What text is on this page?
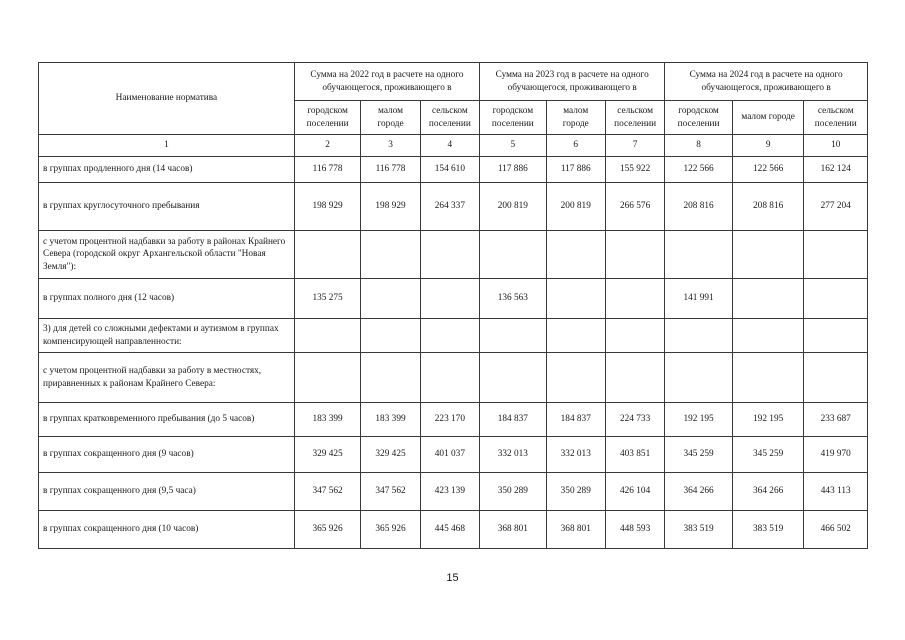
Наименование норматива	Сумма на 2022 год в расчете на одного обучающегося, проживающего в			Сумма на 2023 год в расчете на одного обучающегося, проживающего в			Сумма на 2024 год в расчете на одного обучающегося, проживающего в		
	городском поселении	малом городе	сельском поселении	городском поселении	малом городе	сельском поселении	городском поселении	малом городе	сельском поселении
1	2	3	4	5	6	7	8	9	10
в группах продленного дня (14 часов)	116 778	116 778	154 610	117 886	117 886	155 922	122 566	122 566	162 124
в группах круглосуточного пребывания	198 929	198 929	264 337	200 819	200 819	266 576	208 816	208 816	277 204
с учетом процентной надбавки за работу в районах Крайнего Севера (городской округ Архангельской области "Новая Земля"):									
в группах полного дня (12 часов)	135 275			136 563			141 991		
3) для детей со сложными дефектами и аутизмом в группах компенсирующей направленности:									
с учетом процентной надбавки за работу в местностях, приравненных к районам Крайнего Севера:									
в группах кратковременного пребывания (до 5 часов)	183 399	183 399	223 170	184 837	184 837	224 733	192 195	192 195	233 687
в группах сокращенного дня (9 часов)	329 425	329 425	401 037	332 013	332 013	403 851	345 259	345 259	419 970
в группах сокращенного дня (9,5 часа)	347 562	347 562	423 139	350 289	350 289	426 104	364 266	364 266	443 113
в группах сокращенного дня (10 часов)	365 926	365 926	445 468	368 801	368 801	448 593	383 519	383 519	466 502
15
